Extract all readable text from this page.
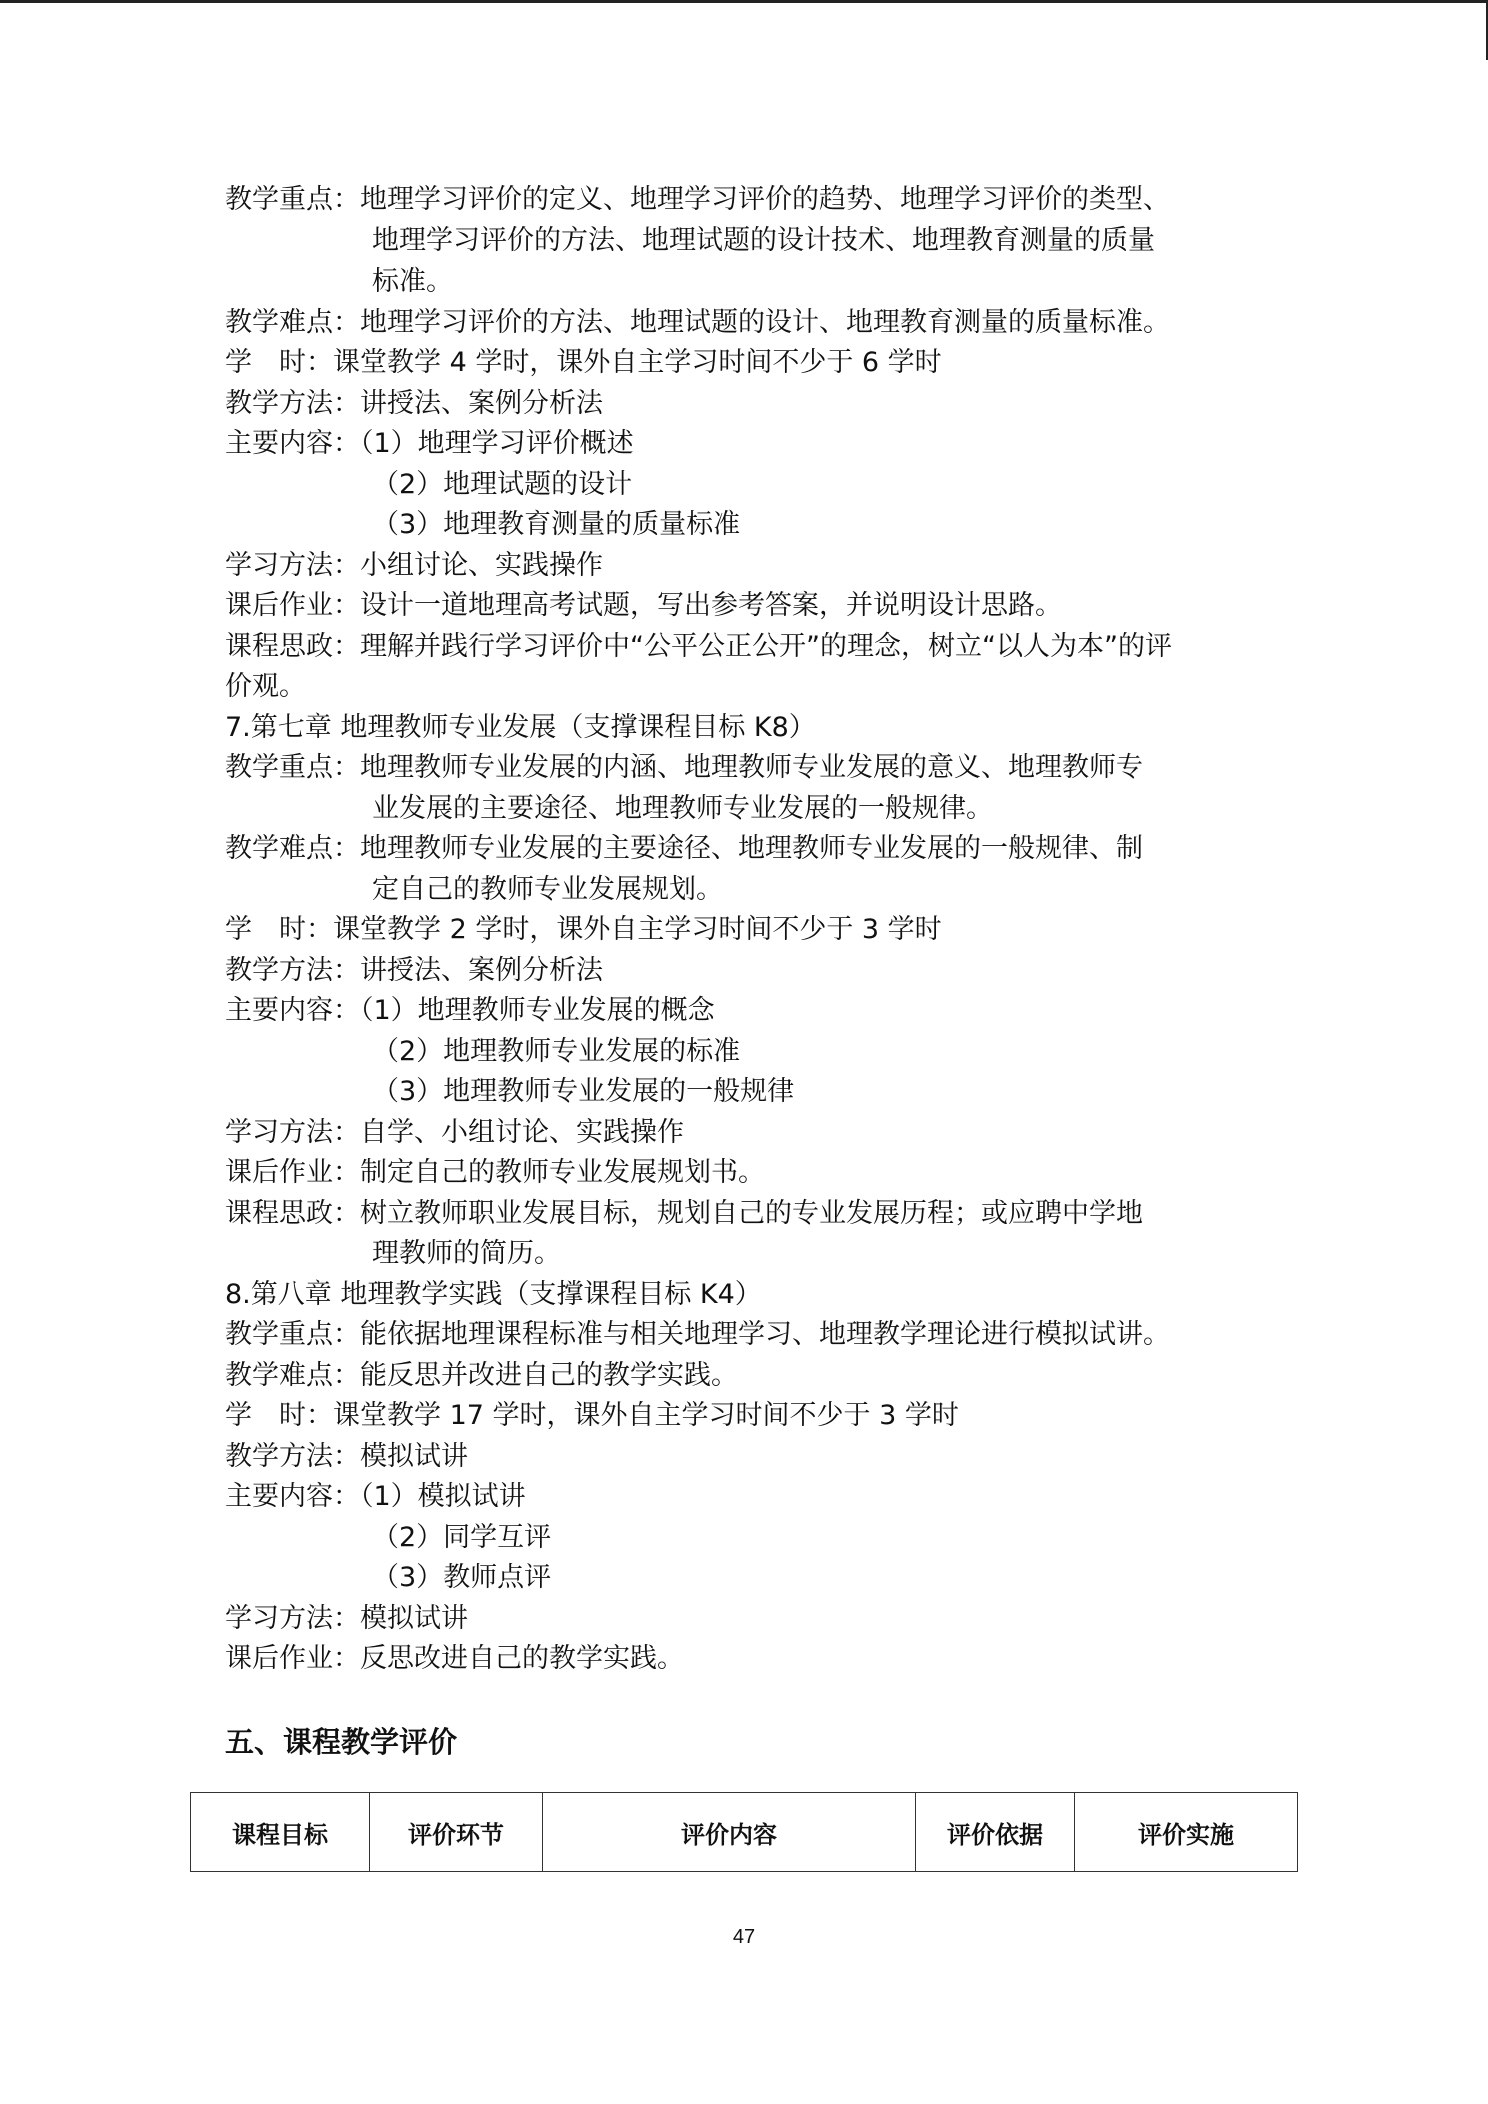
教学重点：地理学习评价的定义、地理学习评价的趋势、地理学习评价的类型、
地理学习评价的方法、地理试题的设计技术、地理教育测量的质量
标准。
教学难点：地理学习评价的方法、地理试题的设计、地理教育测量的质量标准。
学　时：课堂教学 4 学时，课外自主学习时间不少于 6 学时
教学方法：讲授法、案例分析法
主要内容：（1）地理学习评价概述
（2）地理试题的设计
（3）地理教育测量的质量标准
学习方法：小组讨论、实践操作
课后作业：设计一道地理高考试题，写出参考答案，并说明设计思路。
课程思政：理解并践行学习评价中“公平公正公开”的理念，树立“以人为本”的评
价观。
7.第七章 地理教师专业发展（支撑课程目标 K8）
教学重点：地理教师专业发展的内涵、地理教师专业发展的意义、地理教师专
业发展的主要途径、地理教师专业发展的一般规律。
教学难点：地理教师专业发展的主要途径、地理教师专业发展的一般规律、制
定自己的教师专业发展规划。
学　时：课堂教学 2 学时，课外自主学习时间不少于 3 学时
教学方法：讲授法、案例分析法
主要内容：（1）地理教师专业发展的概念
（2）地理教师专业发展的标准
（3）地理教师专业发展的一般规律
学习方法：自学、小组讨论、实践操作
课后作业：制定自己的教师专业发展规划书。
课程思政：树立教师职业发展目标，规划自己的专业发展历程；或应聘中学地
理教师的简历。
8.第八章 地理教学实践（支撑课程目标 K4）
教学重点：能依据地理课程标准与相关地理学习、地理教学理论进行模拟试讲。
教学难点：能反思并改进自己的教学实践。
学　时：课堂教学 17 学时，课外自主学习时间不少于 3 学时
教学方法：模拟试讲
主要内容：（1）模拟试讲
（2）同学互评
（3）教师点评
学习方法：模拟试讲
课后作业：反思改进自己的教学实践。
五、课程教学评价
课程目标	评价环节	评价内容	评价依据	评价实施
47
